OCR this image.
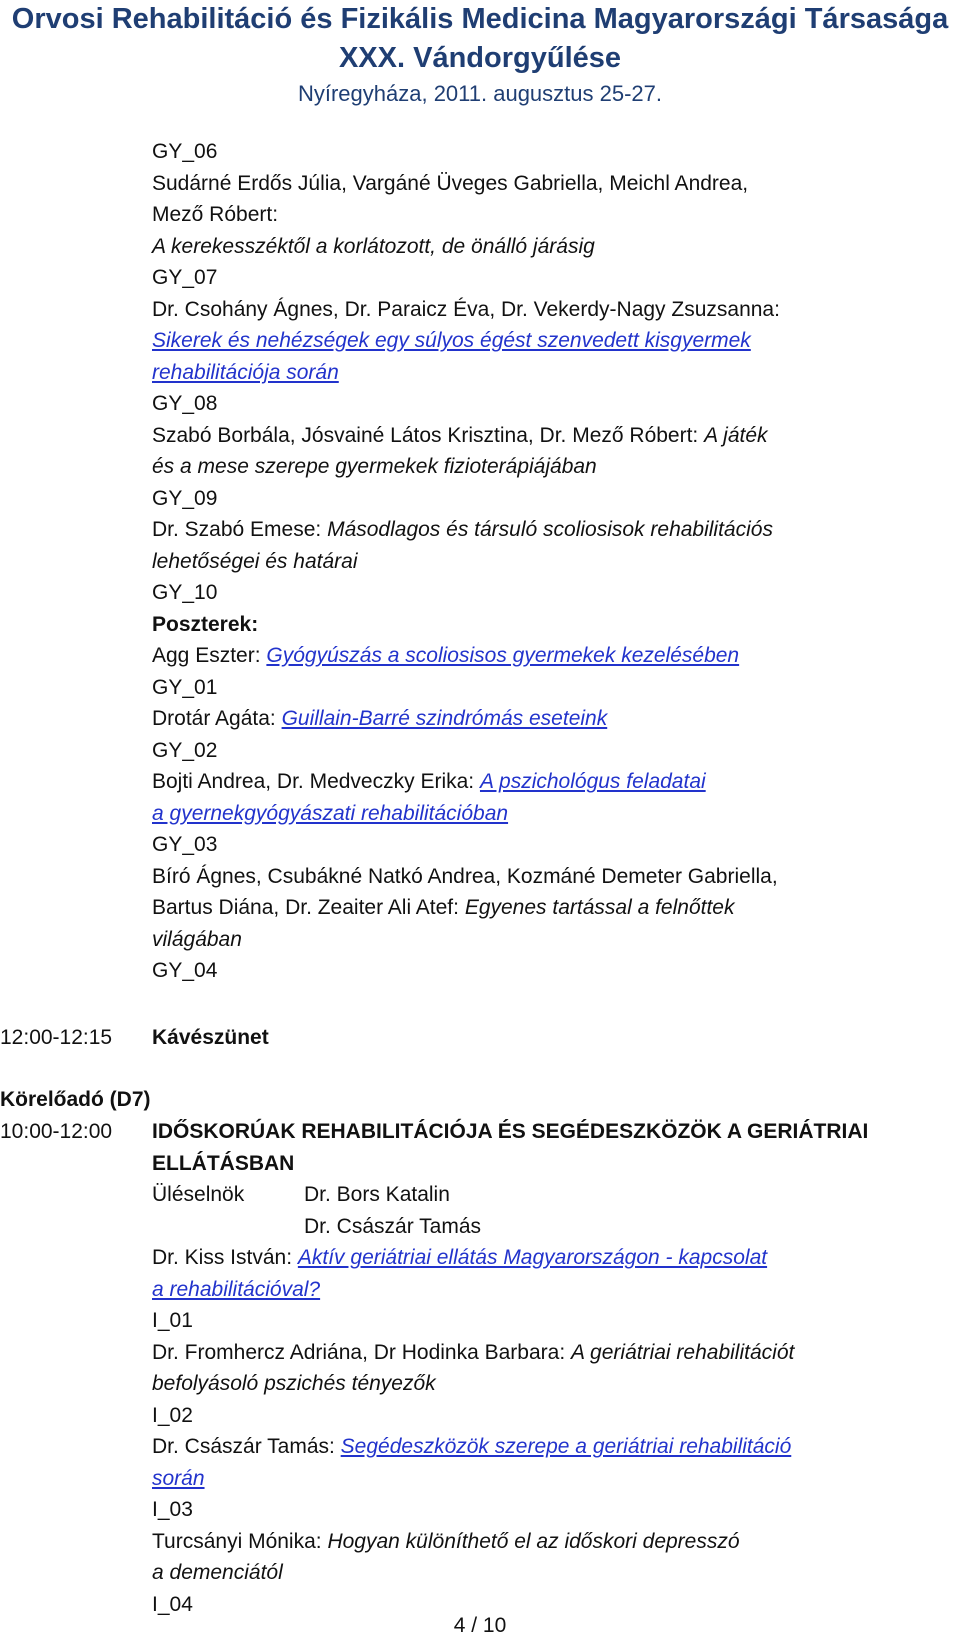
Orvosi Rehabilitáció és Fizikális Medicina Magyarországi Társasága
XXX. Vándorgyűlése
Nyíregyháza, 2011. augusztus 25-27.
GY_06
Sudárné Erdős Júlia, Vargáné Üveges Gabriella, Meichl Andrea,
Mező Róbert:
A kerekesszéktől a korlátozott, de önálló járásig
GY_07
Dr. Csohány Ágnes, Dr. Paraicz Éva, Dr. Vekerdy-Nagy Zsuzsanna:
Sikerek és nehézségek egy súlyos égést szenvedett kisgyermek
rehabilitációja során
GY_08
Szabó Borbála, Jósvainé Látos Krisztina, Dr. Mező Róbert: A játék
és a mese szerepe gyermekek fizioterápiájában
GY_09
Dr. Szabó Emese: Másodlagos és társuló scoliosisok rehabilitációs
lehetőségei és határai
GY_10
Poszterek:
Agg Eszter: Gyógyúszás a scoliosisos gyermekek kezelésében
GY_01
Drotár Agáta: Guillain-Barré szindrómás eseteink
GY_02
Bojti Andrea, Dr. Medveczky Erika: A pszichológus feladatai
a gyernekgyógyászati rehabilitációban
GY_03
Bíró Ágnes, Csubákné Natkó Andrea, Kozmáné Demeter Gabriella,
Bartus Diána, Dr. Zeaiter Ali Atef: Egyenes tartással a felnőttek
világában
GY_04
12:00-12:15 Kávészünet
Körelőadó (D7)
10:00-12:00 IDŐSKORÚAK REHABILITÁCIÓJA ÉS SEGÉDESZKÖZÖK A GERIÁTRIAI
ELLÁTÁSBAN
Üléselnök	Dr. Bors Katalin
Dr. Császár Tamás
Dr. Kiss István: Aktív geriátriai ellátás Magyarországon - kapcsolat
a rehabilitációval?
I_01
Dr. Fromhercz Adriána, Dr Hodinka Barbara: A geriátriai rehabilitációt
befolyásoló pszichés tényezők
I_02
Dr. Császár Tamás: Segédeszközök szerepe a geriátriai rehabilitáció
során
I_03
Turcsányi Mónika: Hogyan különíthető el az időskori depresszó
a demenciától
I_04
4 / 10
